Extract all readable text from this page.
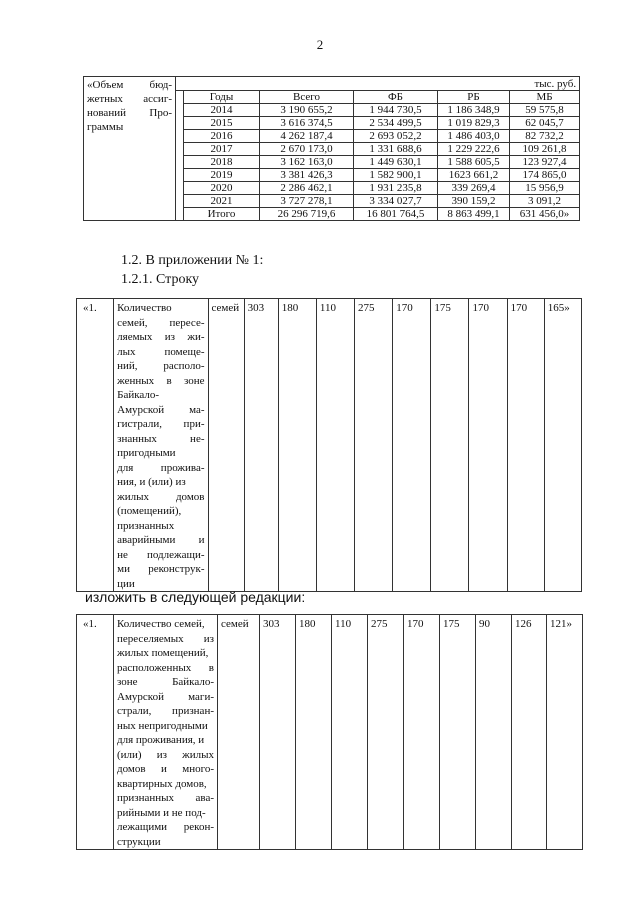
2
«Объем бюд-
жетных ассиг-
нований Про-
граммы	тыс. руб.					
		Годы	Всего	ФБ	РБ	МБ
		2014	3 190 655,2	1 944 730,5	1 186 348,9	59 575,8
		2015	3 616 374,5	2 534 499,5	1 019 829,3	62 045,7
		2016	4 262 187,4	2 693 052,2	1 486 403,0	82 732,2
		2017	2 670 173,0	1 331 688,6	1 229 222,6	109 261,8
		2018	3 162 163,0	1 449 630,1	1 588 605,5	123 927,4
		2019	3 381 426,3	1 582 900,1	1623 661,2	174 865,0
		2020	2 286 462,1	1 931 235,8	339 269,4	15 956,9
		2021	3 727 278,1	3 334 027,7	390 159,2	3 091,2
		Итого	26 296 719,6	16 801 764,5	8 863 499,1	631 456,0»
1.2. В приложении № 1:
1.2.1. Строку
«1.	Количество
семей, пересе-
ляемых из жи-
лых помеще-
ний, располо-
женных в зоне
Байкало-
Амурской ма-
гистрали, при-
знанных не-
пригодными
для прожива-
ния, и (или) из
жилых домов
(помещений),
признанных
аварийными и
не подлежащи-
ми реконструк-
ции
	семей	303	180	110	275	170	175	170	170	165»
изложить в следующей редакции:
«1.	Количество семей,
переселяемых из
жилых помещений,
расположенных в
зоне Байкало-
Амурской маги-
страли, признан-
ных непригодными
для проживания, и
(или) из жилых
домов и много-
квартирных домов,
признанных ава-
рийными и не под-
лежащими рекон-
струкции
	семей	303	180	110	275	170	175	90	126	121»
